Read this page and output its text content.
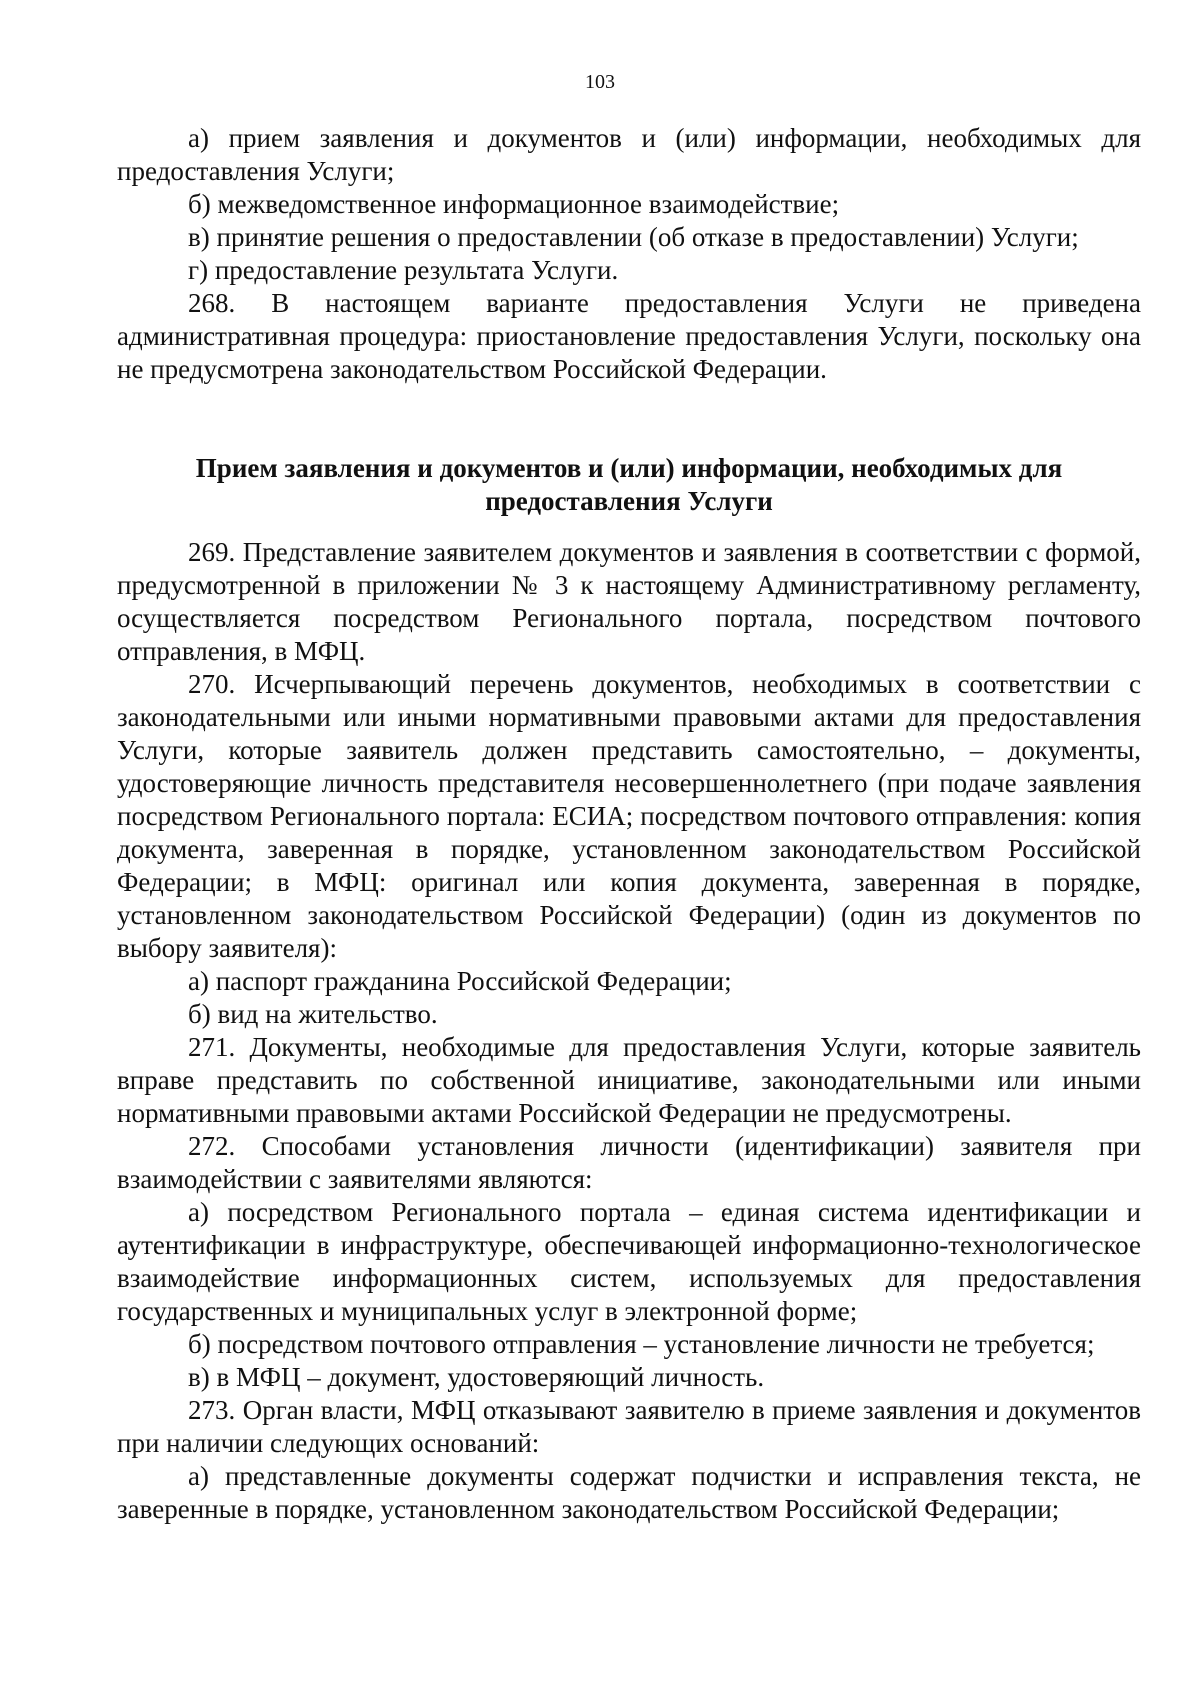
103

а) прием заявления и документов и (или) информации, необходимых для предоставления Услуги;

б) межведомственное информационное взаимодействие;

в) принятие решения о предоставлении (об отказе в предоставлении) Услуги;

г) предоставление результата Услуги.

268. В настоящем варианте предоставления Услуги не приведена административная процедура: приостановление предоставления Услуги, поскольку она не предусмотрена законодательством Российской Федерации.

Прием заявления и документов и (или) информации, необходимых для предоставления Услуги

269. Представление заявителем документов и заявления в соответствии с формой, предусмотренной в приложении № 3 к настоящему Административному регламенту, осуществляется посредством Регионального портала, посредством почтового отправления, в МФЦ.

270. Исчерпывающий перечень документов, необходимых в соответствии с законодательными или иными нормативными правовыми актами для предоставления Услуги, которые заявитель должен представить самостоятельно, – документы, удостоверяющие личность представителя несовершеннолетнего (при подаче заявления посредством Регионального портала: ЕСИА; посредством почтового отправления: копия документа, заверенная в порядке, установленном законодательством Российской Федерации; в МФЦ: оригинал или копия документа, заверенная в порядке, установленном законодательством Российской Федерации) (один из документов по выбору заявителя):

а) паспорт гражданина Российской Федерации;

б) вид на жительство.

271. Документы, необходимые для предоставления Услуги, которые заявитель вправе представить по собственной инициативе, законодательными или иными нормативными правовыми актами Российской Федерации не предусмотрены.

272. Способами установления личности (идентификации) заявителя при взаимодействии с заявителями являются:

а) посредством Регионального портала – единая система идентификации и аутентификации в инфраструктуре, обеспечивающей информационно-технологическое взаимодействие информационных систем, используемых для предоставления государственных и муниципальных услуг в электронной форме;

б) посредством почтового отправления – установление личности не требуется;

в) в МФЦ – документ, удостоверяющий личность.

273. Орган власти, МФЦ отказывают заявителю в приеме заявления и документов при наличии следующих оснований:

а) представленные документы содержат подчистки и исправления текста, не заверенные в порядке, установленном законодательством Российской Федерации;
